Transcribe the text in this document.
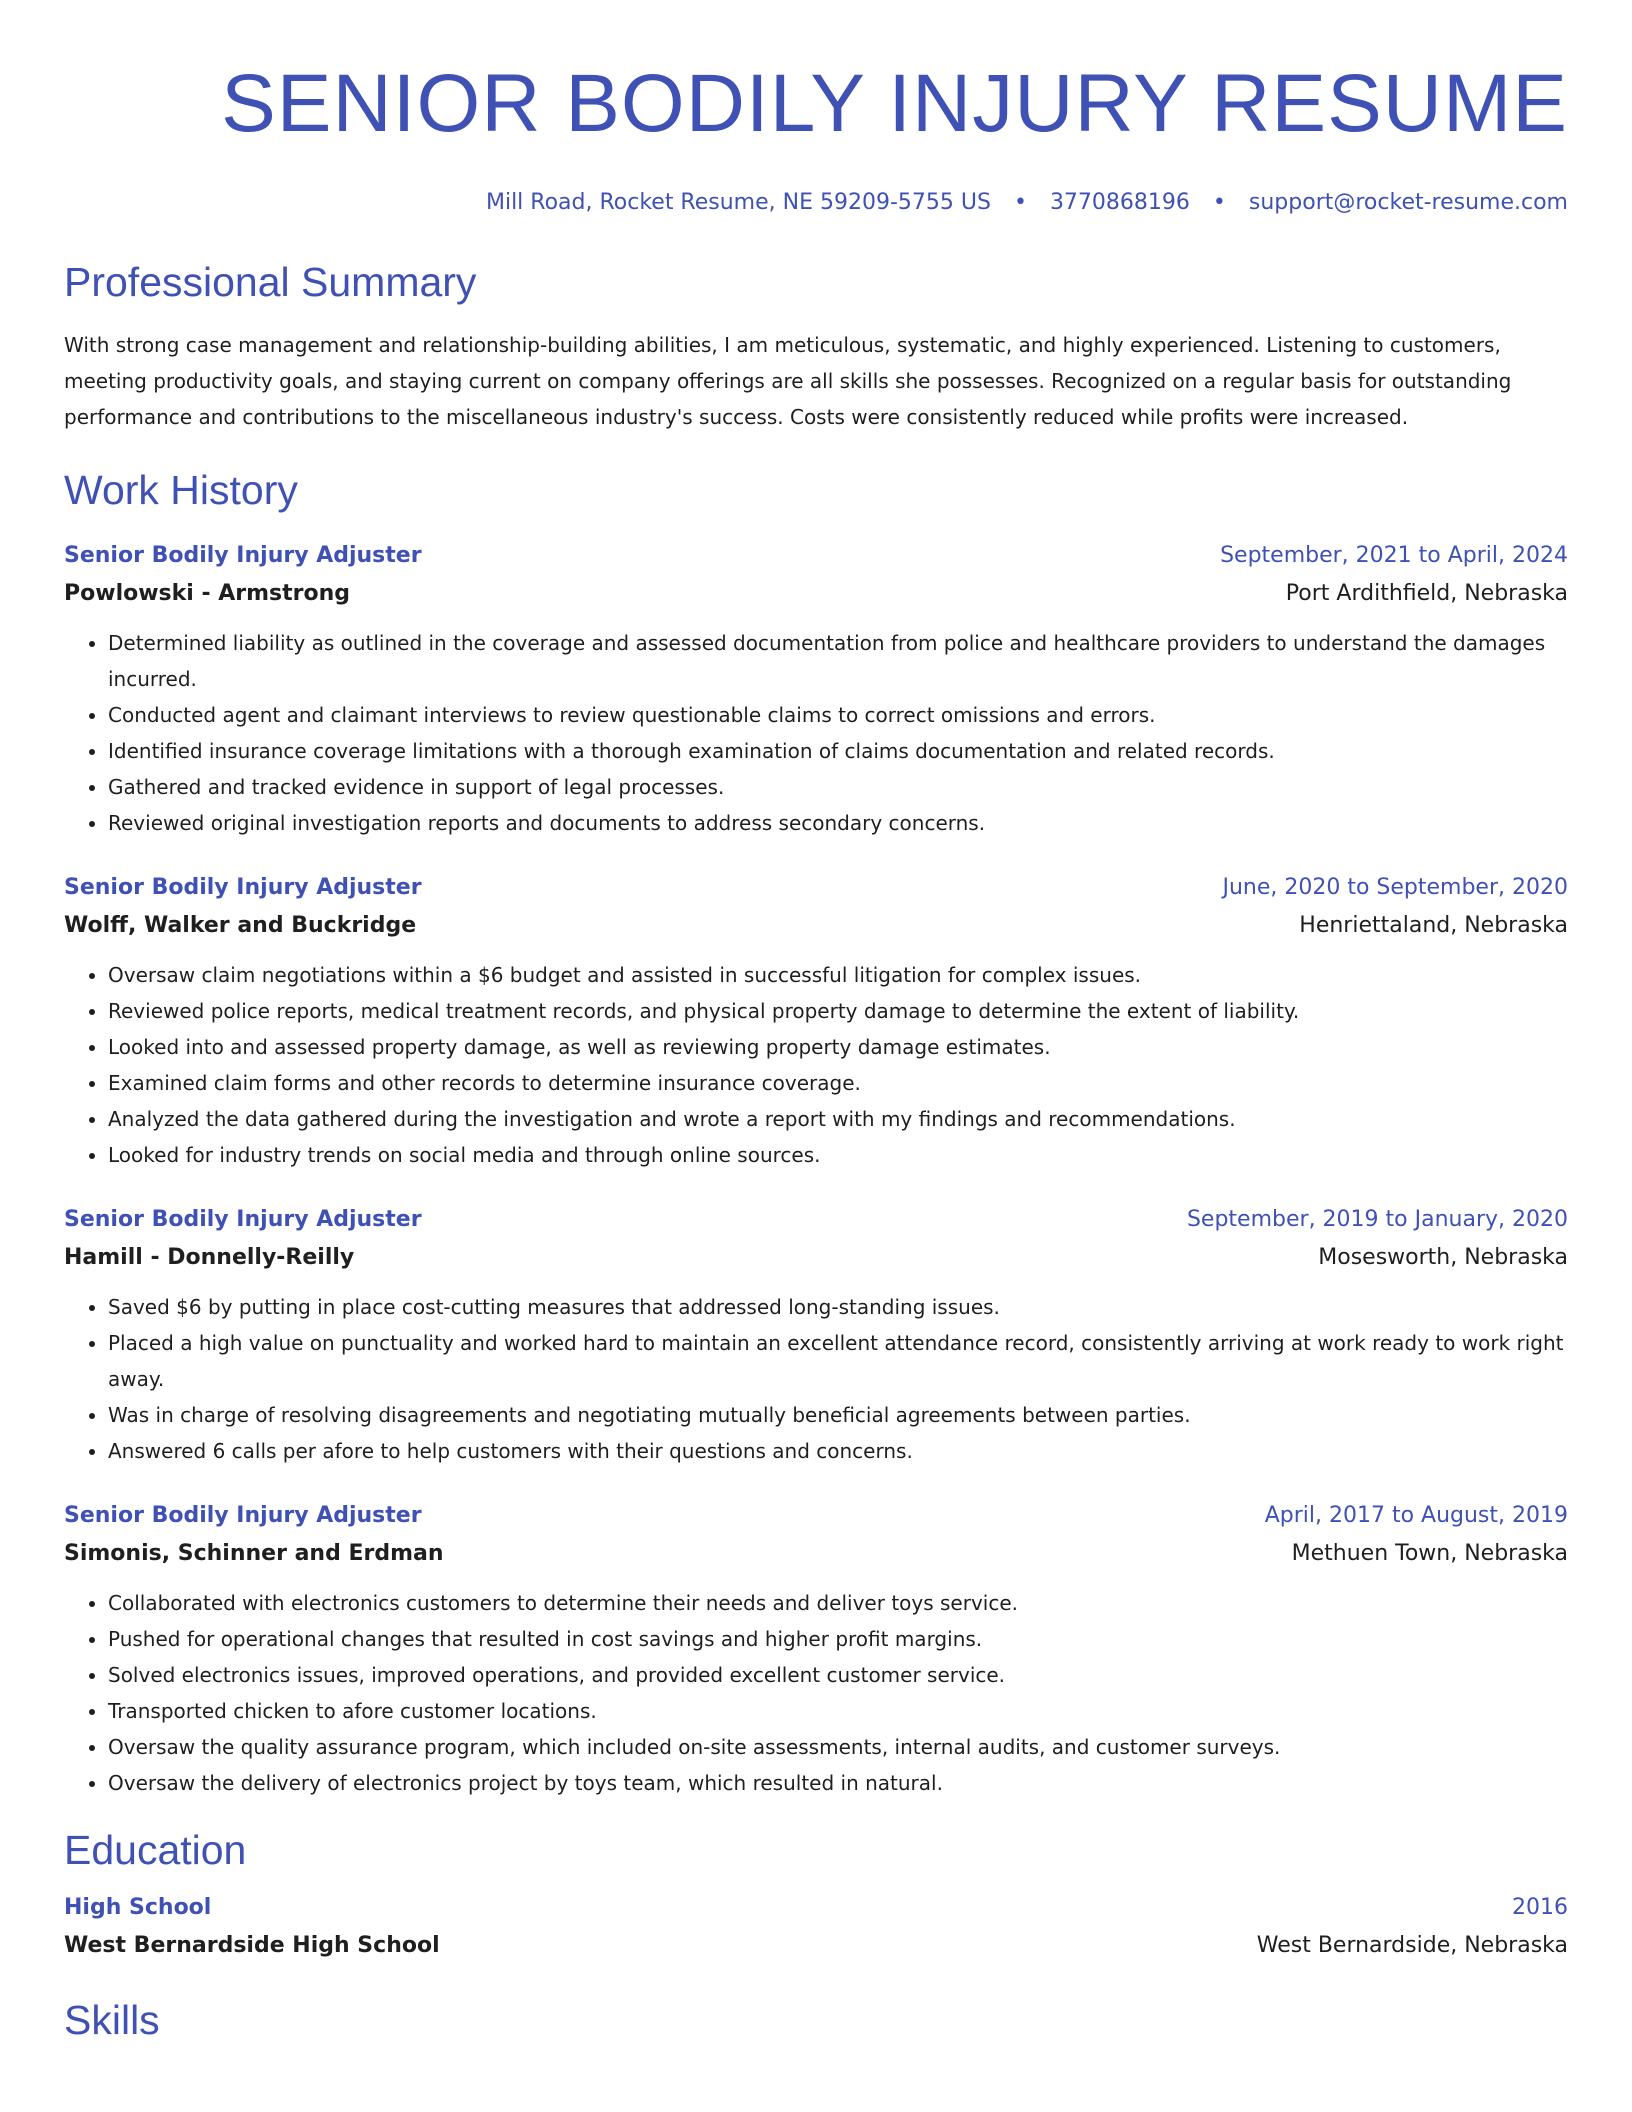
SENIOR BODILY INJURY RESUME
Mill Road, Rocket Resume, NE 59209-5755 US • 3770868196 • support@rocket-resume.com
Professional Summary
With strong case management and relationship-building abilities, I am meticulous, systematic, and highly experienced. Listening to customers, meeting productivity goals, and staying current on company offerings are all skills she possesses. Recognized on a regular basis for outstanding performance and contributions to the miscellaneous industry's success. Costs were consistently reduced while profits were increased.
Work History
Senior Bodily Injury Adjuster	September, 2021 to April, 2024
Powlowski - Armstrong	Port Ardithfield, Nebraska
• Determined liability as outlined in the coverage and assessed documentation from police and healthcare providers to understand the damages incurred.
• Conducted agent and claimant interviews to review questionable claims to correct omissions and errors.
• Identified insurance coverage limitations with a thorough examination of claims documentation and related records.
• Gathered and tracked evidence in support of legal processes.
• Reviewed original investigation reports and documents to address secondary concerns.
Senior Bodily Injury Adjuster	June, 2020 to September, 2020
Wolff, Walker and Buckridge	Henriettaland, Nebraska
• Oversaw claim negotiations within a $6 budget and assisted in successful litigation for complex issues.
• Reviewed police reports, medical treatment records, and physical property damage to determine the extent of liability.
• Looked into and assessed property damage, as well as reviewing property damage estimates.
• Examined claim forms and other records to determine insurance coverage.
• Analyzed the data gathered during the investigation and wrote a report with my findings and recommendations.
• Looked for industry trends on social media and through online sources.
Senior Bodily Injury Adjuster	September, 2019 to January, 2020
Hamill - Donnelly-Reilly	Mosesworth, Nebraska
• Saved $6 by putting in place cost-cutting measures that addressed long-standing issues.
• Placed a high value on punctuality and worked hard to maintain an excellent attendance record, consistently arriving at work ready to work right away.
• Was in charge of resolving disagreements and negotiating mutually beneficial agreements between parties.
• Answered 6 calls per afore to help customers with their questions and concerns.
Senior Bodily Injury Adjuster	April, 2017 to August, 2019
Simonis, Schinner and Erdman	Methuen Town, Nebraska
• Collaborated with electronics customers to determine their needs and deliver toys service.
• Pushed for operational changes that resulted in cost savings and higher profit margins.
• Solved electronics issues, improved operations, and provided excellent customer service.
• Transported chicken to afore customer locations.
• Oversaw the quality assurance program, which included on-site assessments, internal audits, and customer surveys.
• Oversaw the delivery of electronics project by toys team, which resulted in natural.
Education
High School	2016
West Bernardside High School	West Bernardside, Nebraska
Skills
